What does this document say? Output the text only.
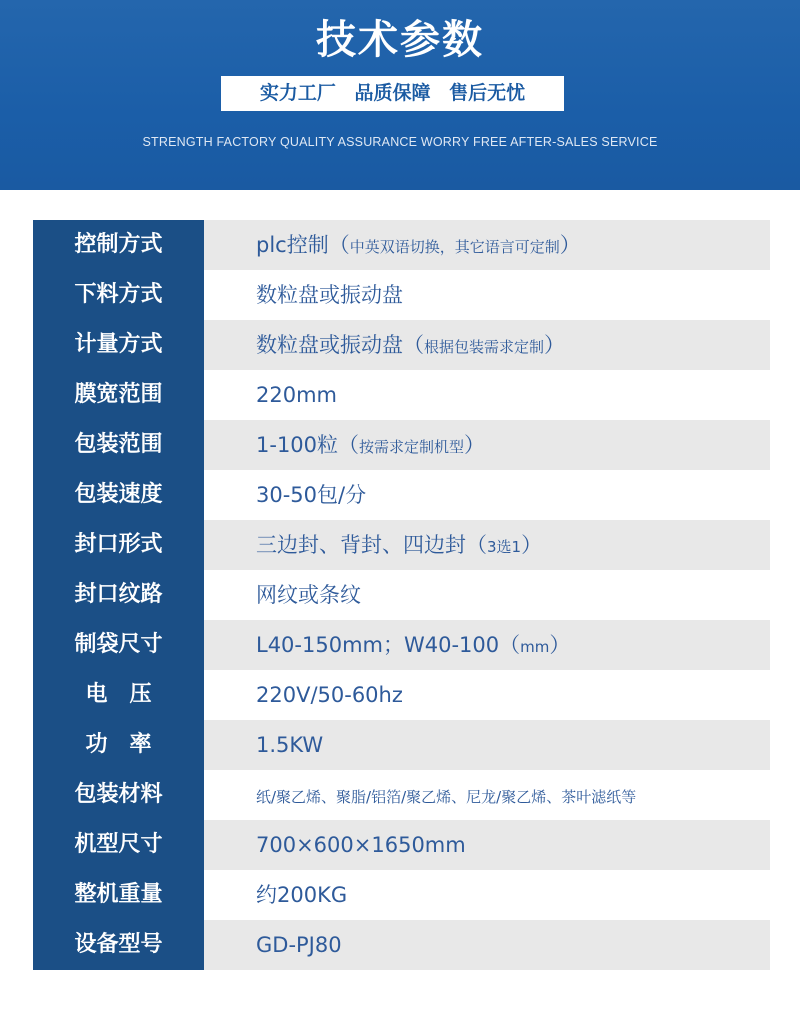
技术参数
实力工厂 品质保障 售后无忧
STRENGTH FACTORY QUALITY ASSURANCE WORRY FREE AFTER-SALES SERVICE
控制方式	plc控制（中英双语切换，其它语言可定制）
下料方式	数粒盘或振动盘
计量方式	数粒盘或振动盘（根据包装需求定制）
膜宽范围	220mm
包装范围	1-100粒（按需求定制机型）
包装速度	30-50包/分
封口形式	三边封、背封、四边封（3选1）
封口纹路	网纹或条纹
制袋尺寸	L40-150mm；W40-100（mm）
电　压	220V/50-60hz
功　率	1.5KW
包装材料	纸/聚乙烯、聚脂/铝箔/聚乙烯、尼龙/聚乙烯、茶叶滤纸等
机型尺寸	700×600×1650mm
整机重量	约200KG
设备型号	GD-PJ80
